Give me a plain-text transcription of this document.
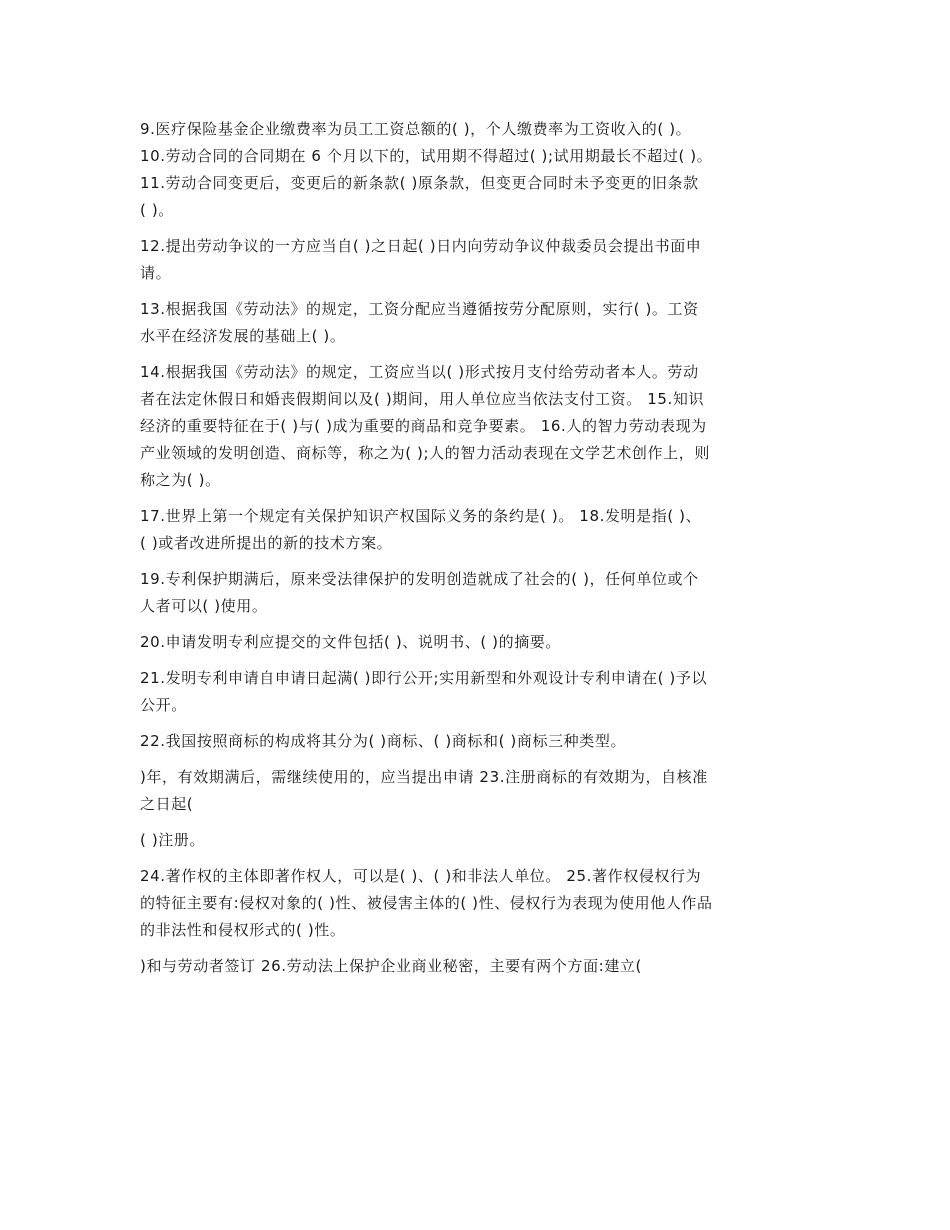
9.医疗保险基金企业缴费率为员工工资总额的( )，个人缴费率为工资收入的( )。
10.劳动合同的合同期在 6 个月以下的，试用期不得超过( );试用期最长不超过( )。
11.劳动合同变更后，变更后的新条款( )原条款，但变更合同时未予变更的旧条款
( )。
12.提出劳动争议的一方应当自( )之日起( )日内向劳动争议仲裁委员会提出书面申
请。
13.根据我国《劳动法》的规定，工资分配应当遵循按劳分配原则，实行( )。工资
水平在经济发展的基础上( )。
14.根据我国《劳动法》的规定，工资应当以( )形式按月支付给劳动者本人。劳动
者在法定休假日和婚丧假期间以及( )期间，用人单位应当依法支付工资。 15.知识
经济的重要特征在于( )与( )成为重要的商品和竞争要素。 16.人的智力劳动表现为
产业领域的发明创造、商标等，称之为( );人的智力活动表现在文学艺术创作上，则
称之为( )。
17.世界上第一个规定有关保护知识产权国际义务的条约是( )。 18.发明是指( )、
( )或者改进所提出的新的技术方案。
19.专利保护期满后，原来受法律保护的发明创造就成了社会的( )，任何单位或个
人者可以( )使用。
20.申请发明专利应提交的文件包括( )、说明书、( )的摘要。
21.发明专利申请自申请日起满( )即行公开;实用新型和外观设计专利申请在( )予以
公开。
22.我国按照商标的构成将其分为( )商标、( )商标和( )商标三种类型。
)年，有效期满后，需继续使用的，应当提出申请 23.注册商标的有效期为，自核准
之日起(
( )注册。
24.著作权的主体即著作权人，可以是( )、( )和非法人单位。 25.著作权侵权行为
的特征主要有:侵权对象的( )性、被侵害主体的( )性、侵权行为表现为使用他人作品
的非法性和侵权形式的( )性。
)和与劳动者签订 26.劳动法上保护企业商业秘密，主要有两个方面:建立(
